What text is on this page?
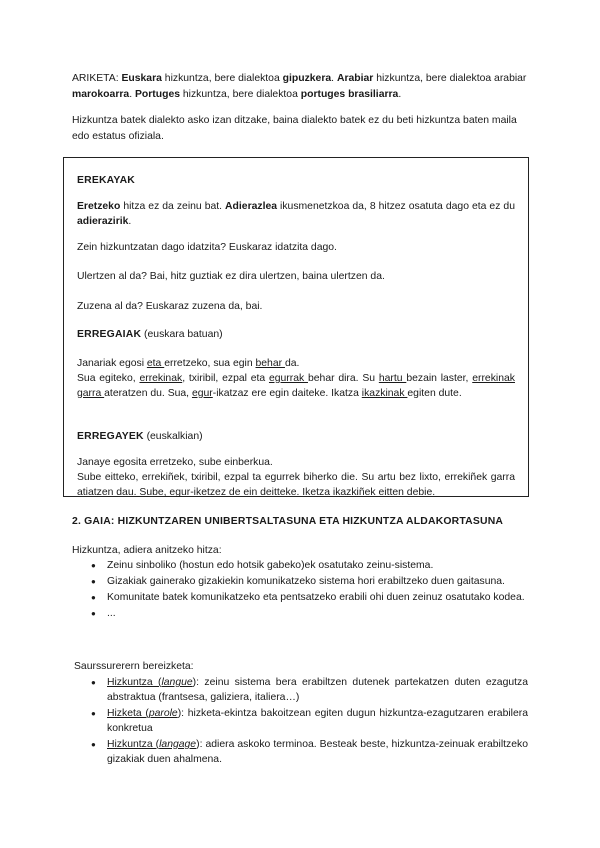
ARIKETA: Euskara hizkuntza, bere dialektoa gipuzkera. Arabiar hizkuntza, bere dialektoa arabiar marokoarra. Portuges hizkuntza, bere dialektoa portuges brasiliarra.

Hizkuntza batek dialekto asko izan ditzake, baina dialekto batek ez du beti hizkuntza baten maila edo estatus ofiziala.

EREKAYAK

Eretzeko hitza ez da zeinu bat. Adierazlea ikusmenetzkoa da, 8 hitzez osatuta dago eta ez du adierazirik.

Zein hizkuntzatan dago idatzita? Euskaraz idatzita dago.

Ulertzen al da? Bai, hitz guztiak ez dira ulertzen, baina ulertzen da.

Zuzena al da? Euskaraz zuzena da, bai.

ERREGAIAK (euskara batuan)

Janariak egosi eta erretzeko, sua egin behar da.
Sua egiteko, errekinak, txiribil, ezpal eta egurrak behar dira. Su hartu bezain laster, errekinak garra ateratzen du. Sua, egur-ikatzaz ere egin daiteke. Ikatza ikazkinak egiten dute.

ERREGAYEK (euskalkian)

Janaye egosita erretzeko, sube einberkua.
Sube eitteko, errekiñek, txiribil, ezpal ta egurrek biherko die. Su artu bez lixto, errekiñek garra atiatzen dau. Sube, egur-iketzez de ein deitteke. Iketza ikazkiñek eitten debie.

2. GAIA: HIZKUNTZAREN UNIBERTSALTASUNA ETA HIZKUNTZA ALDAKORTASUNA

Hizkuntza, adiera anitzeko hitza:

● Zeinu sinboliko (hostun edo hotsik gabeko)ek osatutako zeinu-sistema.
● Gizakiak gainerako gizakiekin komunikatzeko sistema hori erabiltzeko duen gaitasuna.
● Komunitate batek komunikatzeko eta pentsatzeko erabili ohi duen zeinuz osatutako kodea.
● ...

Saurssurerern bereizketa:

● Hizkuntza (langue): zeinu sistema bera erabiltzen dutenek partekatzen duten ezagutza abstraktua (frantsesa, galiziera, italiera…)
● Hizketa (parole): hizketa-ekintza bakoitzean egiten dugun hizkuntza-ezagutzaren erabilera konkretua
● Hizkuntza (langage): adiera askoko terminoa. Besteak beste, hizkuntza-zeinuak erabiltzeko gizakiak duen ahalmena.
